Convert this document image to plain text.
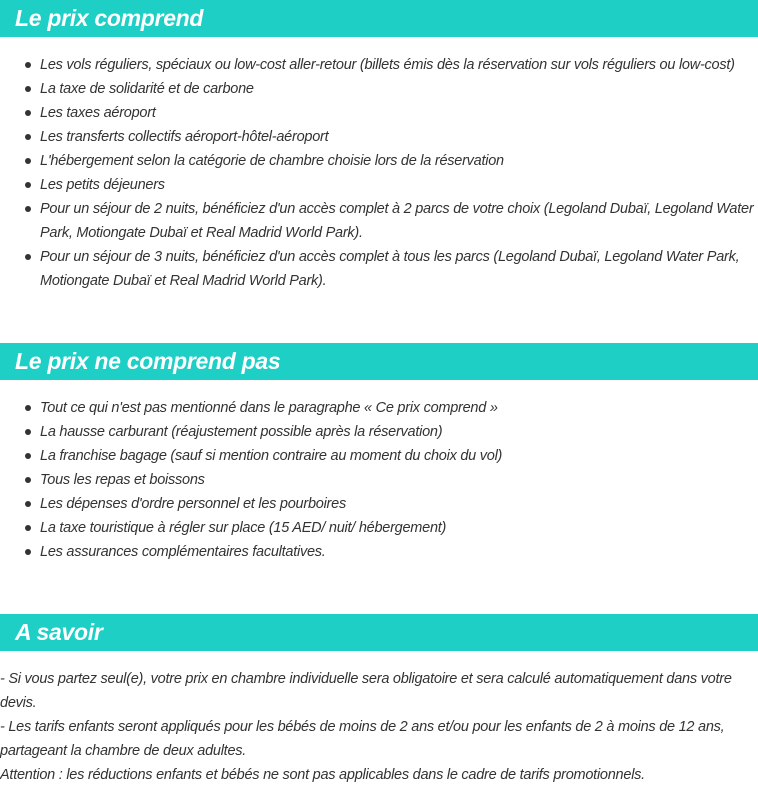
Le prix comprend
Les vols réguliers, spéciaux ou low-cost aller-retour (billets émis dès la réservation sur vols réguliers ou low-cost)
La taxe de solidarité et de carbone
Les taxes aéroport
Les transferts collectifs aéroport-hôtel-aéroport
L'hébergement selon la catégorie de chambre choisie lors de la réservation
Les petits déjeuners
Pour un séjour de 2 nuits, bénéficiez d'un accès complet à 2 parcs de votre choix (Legoland Dubaï, Legoland Water Park, Motiongate Dubaï et Real Madrid World Park).
Pour un séjour de 3 nuits, bénéficiez d'un accès complet à tous les parcs (Legoland Dubaï, Legoland Water Park, Motiongate Dubaï et Real Madrid World Park).
Le prix ne comprend pas
Tout ce qui n'est pas mentionné dans le paragraphe « Ce prix comprend »
La hausse carburant (réajustement possible après la réservation)
La franchise bagage (sauf si mention contraire au moment du choix du vol)
Tous les repas et boissons
Les dépenses d'ordre personnel et les pourboires
La taxe touristique à régler sur place (15 AED/ nuit/ hébergement)
Les assurances complémentaires facultatives.
A savoir

- Si vous partez seul(e), votre prix en chambre individuelle sera obligatoire et sera calculé automatiquement dans votre devis.

- Les tarifs enfants seront appliqués pour les bébés de moins de 2 ans et/ou pour les enfants de 2 à moins de 12 ans, partageant la chambre de deux adultes.

Attention : les réductions enfants et bébés ne sont pas applicables dans le cadre de tarifs promotionnels.
